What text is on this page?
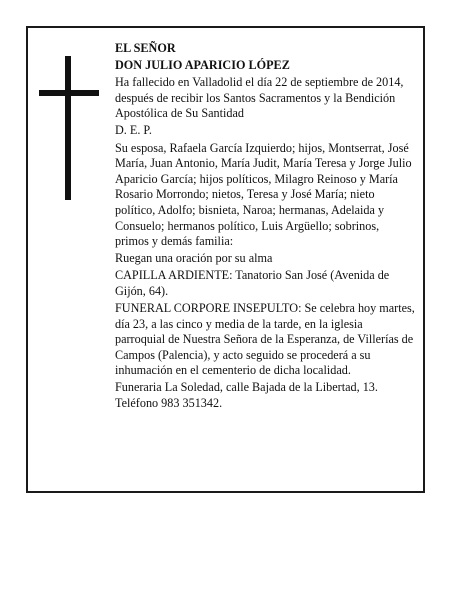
EL SEÑOR

DON JULIO APARICIO LÓPEZ

Ha fallecido en Valladolid el día 22 de septiembre de 2014, después de recibir los Santos Sacramentos y la Bendición Apostólica de Su Santidad

D. E. P.

Su esposa, Rafaela García Izquierdo; hijos, Montserrat, José María, Juan Antonio, María Judit, María Teresa y Jorge Julio Aparicio García; hijos políticos, Milagro Reinoso y María Rosario Morrondo; nietos, Teresa y José María; nieto político, Adolfo; bisnieta, Naroa; hermanas, Adelaida y Consuelo; hermanos político, Luis Argüello; sobrinos, primos y demás familia:

Ruegan una oración por su alma

CAPILLA ARDIENTE: Tanatorio San José (Avenida de Gijón, 64).

FUNERAL CORPORE INSEPULTO: Se celebra hoy martes, día 23, a las cinco y media de la tarde, en la iglesia parroquial de Nuestra Señora de la Esperanza, de Villerías de Campos (Palencia), y acto seguido se procederá a su inhumación en el cementerio de dicha localidad.

Funeraria La Soledad, calle Bajada de la Libertad, 13. Teléfono 983 351342.
